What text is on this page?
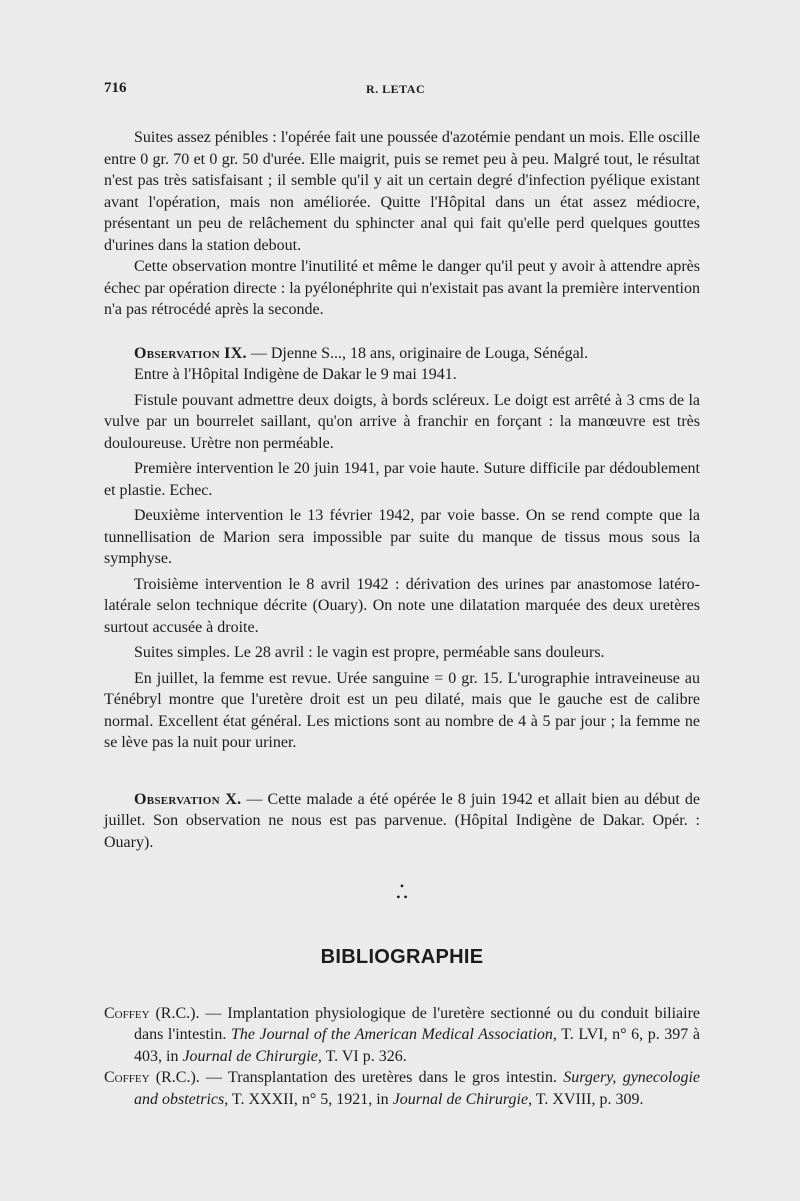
716	R. LETAC

Suites assez pénibles : l'opérée fait une poussée d'azotémie pendant un mois. Elle oscille entre 0 gr. 70 et 0 gr. 50 d'urée. Elle maigrit, puis se remet peu à peu. Malgré tout, le résultat n'est pas très satisfaisant ; il semble qu'il y ait un certain degré d'infection pyélique existant avant l'opération, mais non améliorée. Quitte l'Hôpital dans un état assez médiocre, présentant un peu de relâchement du sphincter anal qui fait qu'elle perd quelques gouttes d'urines dans la station debout.

Cette observation montre l'inutilité et même le danger qu'il peut y avoir à attendre après échec par opération directe : la pyélonéphrite qui n'existait pas avant la première intervention n'a pas rétrocédé après la seconde.

Observation IX. — Djenne S..., 18 ans, originaire de Louga, Sénégal.

Entre à l'Hôpital Indigène de Dakar le 9 mai 1941.

Fistule pouvant admettre deux doigts, à bords scléreux. Le doigt est arrêté à 3 cms de la vulve par un bourrelet saillant, qu'on arrive à franchir en forçant : la manœuvre est très douloureuse. Urètre non perméable.

Première intervention le 20 juin 1941, par voie haute. Suture difficile par dédoublement et plastie. Echec.

Deuxième intervention le 13 février 1942, par voie basse. On se rend compte que la tunnellisation de Marion sera impossible par suite du manque de tissus mous sous la symphyse.

Troisième intervention le 8 avril 1942 : dérivation des urines par anastomose latéro-latérale selon technique décrite (Ouary). On note une dilatation marquée des deux uretères surtout accusée à droite.

Suites simples. Le 28 avril : le vagin est propre, perméable sans douleurs.

En juillet, la femme est revue. Urée sanguine = 0 gr. 15. L'urographie intraveineuse au Ténébryl montre que l'uretère droit est un peu dilaté, mais que le gauche est de calibre normal. Excellent état général. Les mictions sont au nombre de 4 à 5 par jour ; la femme ne se lève pas la nuit pour uriner.

Observation X. — Cette malade a été opérée le 8 juin 1942 et allait bien au début de juillet. Son observation ne nous est pas parvenue. (Hôpital Indigène de Dakar. Opér. : Ouary).

•
• •

BIBLIOGRAPHIE

Coffey (R.C.). — Implantation physiologique de l'uretère sectionné ou du conduit biliaire dans l'intestin. The Journal of the American Medical Association, T. LVI, n° 6, p. 397 à 403, in Journal de Chirurgie, T. VI p. 326.

Coffey (R.C.). — Transplantation des uretères dans le gros intestin. Surgery, gynecologie and obstetrics, T. XXXII, n° 5, 1921, in Journal de Chirurgie, T. XVIII, p. 309.
